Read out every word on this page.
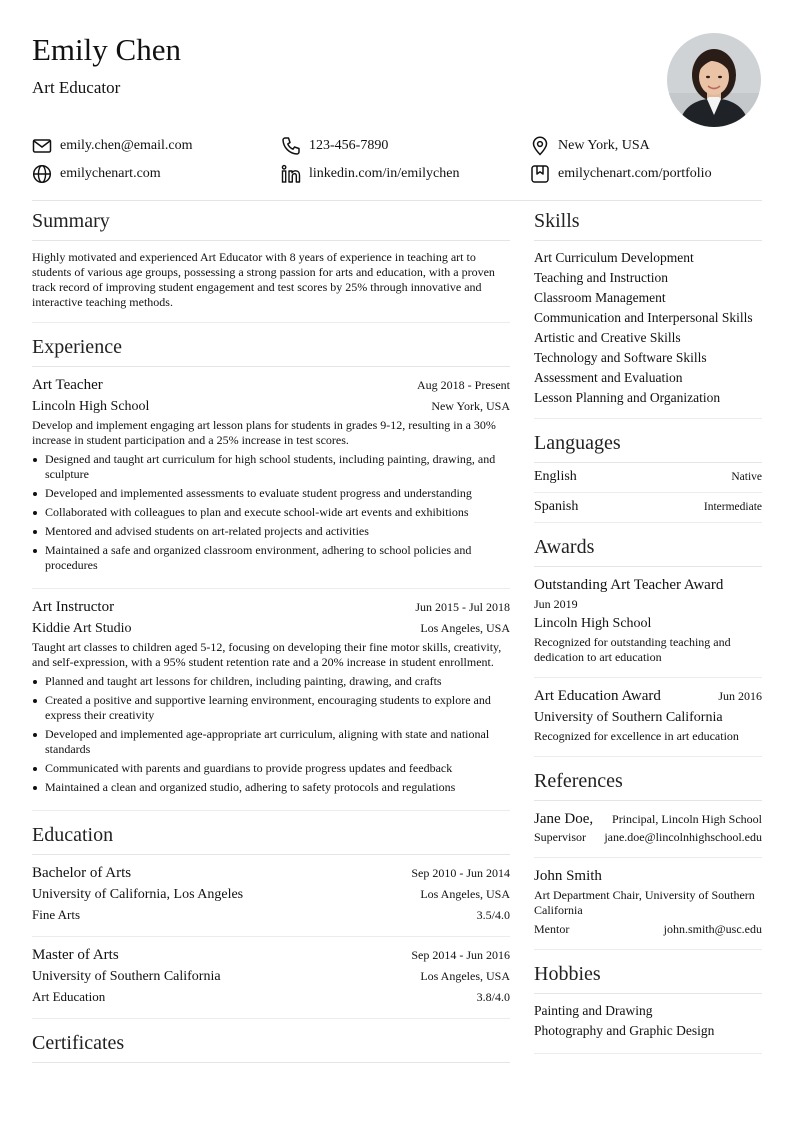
Emily Chen
Art Educator
emily.chen@email.com	123-456-7890	New York, USA
emilychenart.com	linkedin.com/in/emilychen	emilychenart.com/portfolio
Summary
Highly motivated and experienced Art Educator with 8 years of experience in teaching art to students of various age groups, possessing a strong passion for arts and education, with a proven track record of improving student engagement and test scores by 25% through innovative and interactive teaching methods.
Experience
Art Teacher	Aug 2018 - Present
Lincoln High School	New York, USA
Develop and implement engaging art lesson plans for students in grades 9-12, resulting in a 30% increase in student participation and a 25% increase in test scores.
Designed and taught art curriculum for high school students, including painting, drawing, and sculpture
Developed and implemented assessments to evaluate student progress and understanding
Collaborated with colleagues to plan and execute school-wide art events and exhibitions
Mentored and advised students on art-related projects and activities
Maintained a safe and organized classroom environment, adhering to school policies and procedures
Art Instructor	Jun 2015 - Jul 2018
Kiddie Art Studio	Los Angeles, USA
Taught art classes to children aged 5-12, focusing on developing their fine motor skills, creativity, and self-expression, with a 95% student retention rate and a 20% increase in student enrollment.
Planned and taught art lessons for children, including painting, drawing, and crafts
Created a positive and supportive learning environment, encouraging students to explore and express their creativity
Developed and implemented age-appropriate art curriculum, aligning with state and national standards
Communicated with parents and guardians to provide progress updates and feedback
Maintained a clean and organized studio, adhering to safety protocols and regulations
Education
Bachelor of Arts	Sep 2010 - Jun 2014
University of California, Los Angeles	Los Angeles, USA
Fine Arts	3.5/4.0
Master of Arts	Sep 2014 - Jun 2016
University of Southern California	Los Angeles, USA
Art Education	3.8/4.0
Certificates
Skills
Art Curriculum Development
Teaching and Instruction
Classroom Management
Communication and Interpersonal Skills
Artistic and Creative Skills
Technology and Software Skills
Assessment and Evaluation
Lesson Planning and Organization
Languages
English	Native
Spanish	Intermediate
Awards
Outstanding Art Teacher Award
Jun 2019
Lincoln High School
Recognized for outstanding teaching and dedication to art education
Art Education Award	Jun 2016
University of Southern California
Recognized for excellence in art education
References
Jane Doe, Principal, Lincoln High School
Supervisor jane.doe@lincolnhighschool.edu
John Smith
Art Department Chair, University of Southern California
Mentor	john.smith@usc.edu
Hobbies
Painting and Drawing
Photography and Graphic Design
